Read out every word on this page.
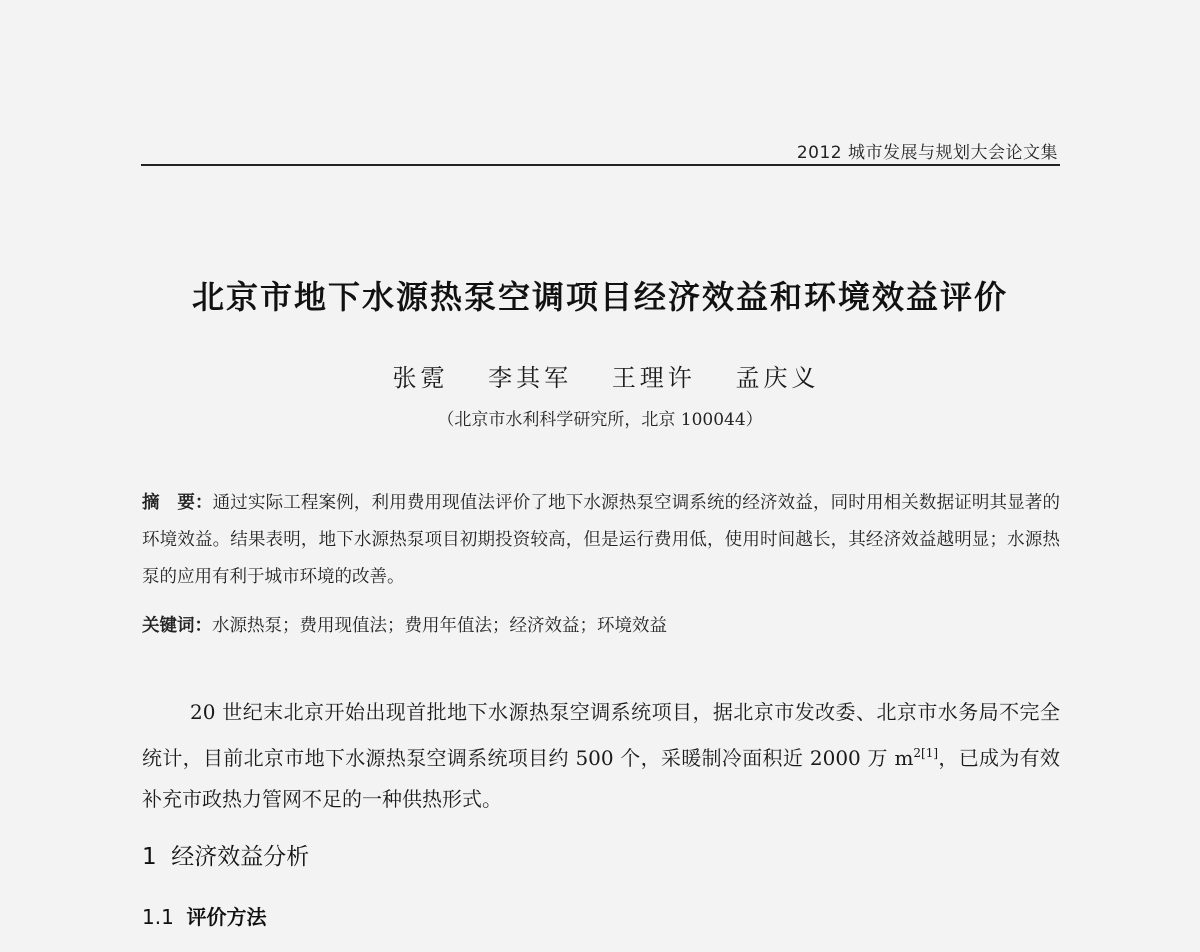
2012 城市发展与规划大会论文集
北京市地下水源热泵空调项目经济效益和环境效益评价
张霓 李其军 王理许 孟庆义
（北京市水利科学研究所，北京 100044）
摘　要：通过实际工程案例，利用费用现值法评价了地下水源热泵空调系统的经济效益，同时用相关数据证明其显著的环境效益。结果表明，地下水源热泵项目初期投资较高，但是运行费用低，使用时间越长，其经济效益越明显；水源热泵的应用有利于城市环境的改善。
关键词：水源热泵；费用现值法；费用年值法；经济效益；环境效益
20 世纪末北京开始出现首批地下水源热泵空调系统项目，据北京市发改委、北京市水务局不完全统计，目前北京市地下水源热泵空调系统项目约 500 个，采暖制冷面积近 2000 万 $m^{2[1]}$，已成为有效补充市政热力管网不足的一种供热形式。
1 经济效益分析
1.1 评价方法
